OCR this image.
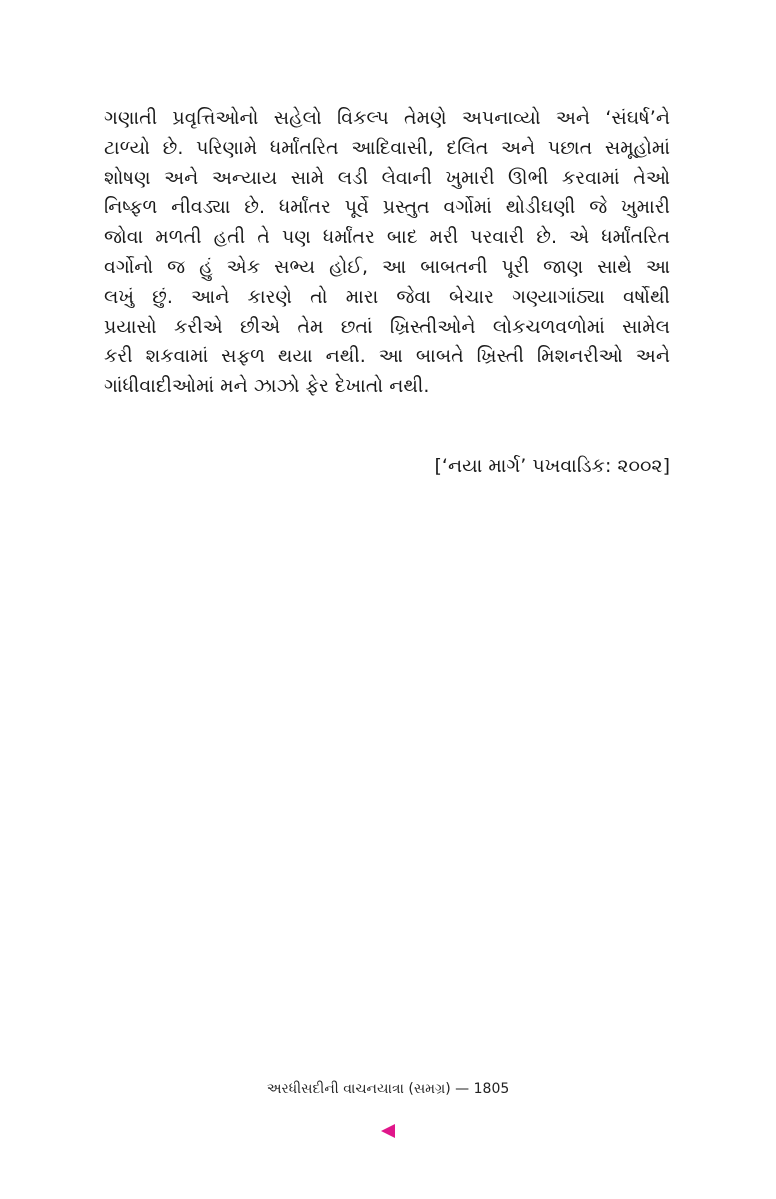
ગણાતી પ્રવૃત્તિઓનો સહેલો વિકલ્પ તેમણે અપનાવ્યો અને ‘સંઘર્ષ’ને
ટાળ્યો છે. પરિણામે ધર્માંતરિત આદિવાસી, દલિત અને પછાત સમૂહોમાં
શોષણ અને અન્યાય સામે લડી લેવાની ખુમારી ઊભી કરવામાં તેઓ
નિષ્ફળ નીવડ્યા છે. ધર્માંતર પૂર્વે પ્રસ્તુત વર્ગોમાં થોડીઘણી જે ખુમારી
જોવા મળતી હતી તે પણ ધર્માંતર બાદ મરી પરવારી છે. એ ધર્માંતરિત
વર્ગોનો જ હું એક સભ્ય હોઈ, આ બાબતની પૂરી જાણ સાથે આ
લખું છું. આને કારણે તો મારા જેવા બેચાર ગણ્યાગાંઠ્યા વર્ષોથી
પ્રયાસો કરીએ છીએ તેમ છતાં ખ્રિસ્તીઓને લોકચળવળોમાં સામેલ
કરી શકવામાં સફળ થયા નથી. આ બાબતે ખ્રિસ્તી મિશનરીઓ અને
ગાંધીવાદીઓમાં મને ઝાઝો ફેર દેખાતો નથી.
[‘નયા માર્ગ’ પખવાડિક: ૨૦૦૨]
અરધીસદીની વાચનયાત્રા (સમગ્ર) — 1805
